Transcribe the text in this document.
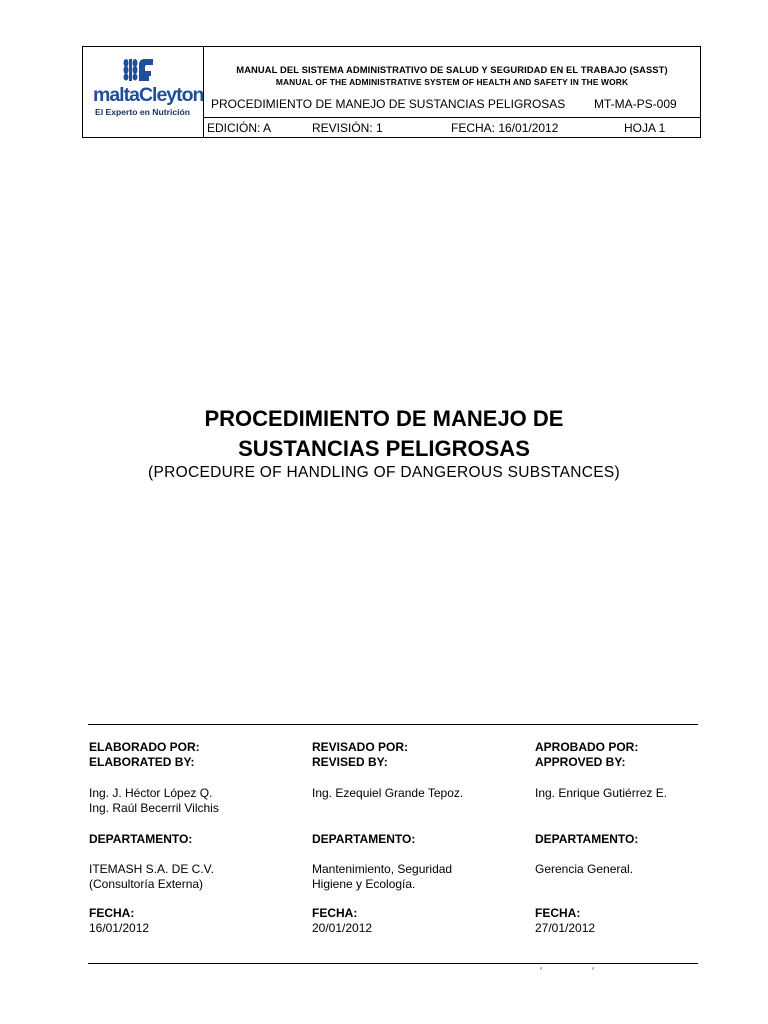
maltaCleyton
El Experto en Nutrición
MANUAL DEL SISTEMA ADMINISTRATIVO DE SALUD Y SEGURIDAD EN EL TRABAJO (SASST)
MANUAL OF THE ADMINISTRATIVE SYSTEM OF HEALTH AND SAFETY IN THE WORK
PROCEDIMIENTO DE MANEJO DE SUSTANCIAS PELIGROSAS MT-MA-PS-009
EDICIÓN: A	REVISIÓN: 1	FECHA: 16/01/2012	HOJA 1
PROCEDIMIENTO DE MANEJO DE
SUSTANCIAS PELIGROSAS
(PROCEDURE OF HANDLING OF DANGEROUS SUBSTANCES)
ELABORADO POR:
ELABORATED BY:
Ing. J. Héctor López Q.
Ing. Raúl Becerril Vilchis
DEPARTAMENTO:
ITEMASH S.A. DE C.V.
(Consultoría Externa)
FECHA:
16/01/2012
REVISADO POR:
REVISED BY:
Ing. Ezequiel Grande Tepoz.
DEPARTAMENTO:
Mantenimiento, Seguridad
Higiene y Ecología.
FECHA:
20/01/2012
APROBADO POR:
APPROVED BY:
Ing. Enrique Gutiérrez E.
DEPARTAMENTO:
Gerencia General.
FECHA:
27/01/2012
‘	‘
